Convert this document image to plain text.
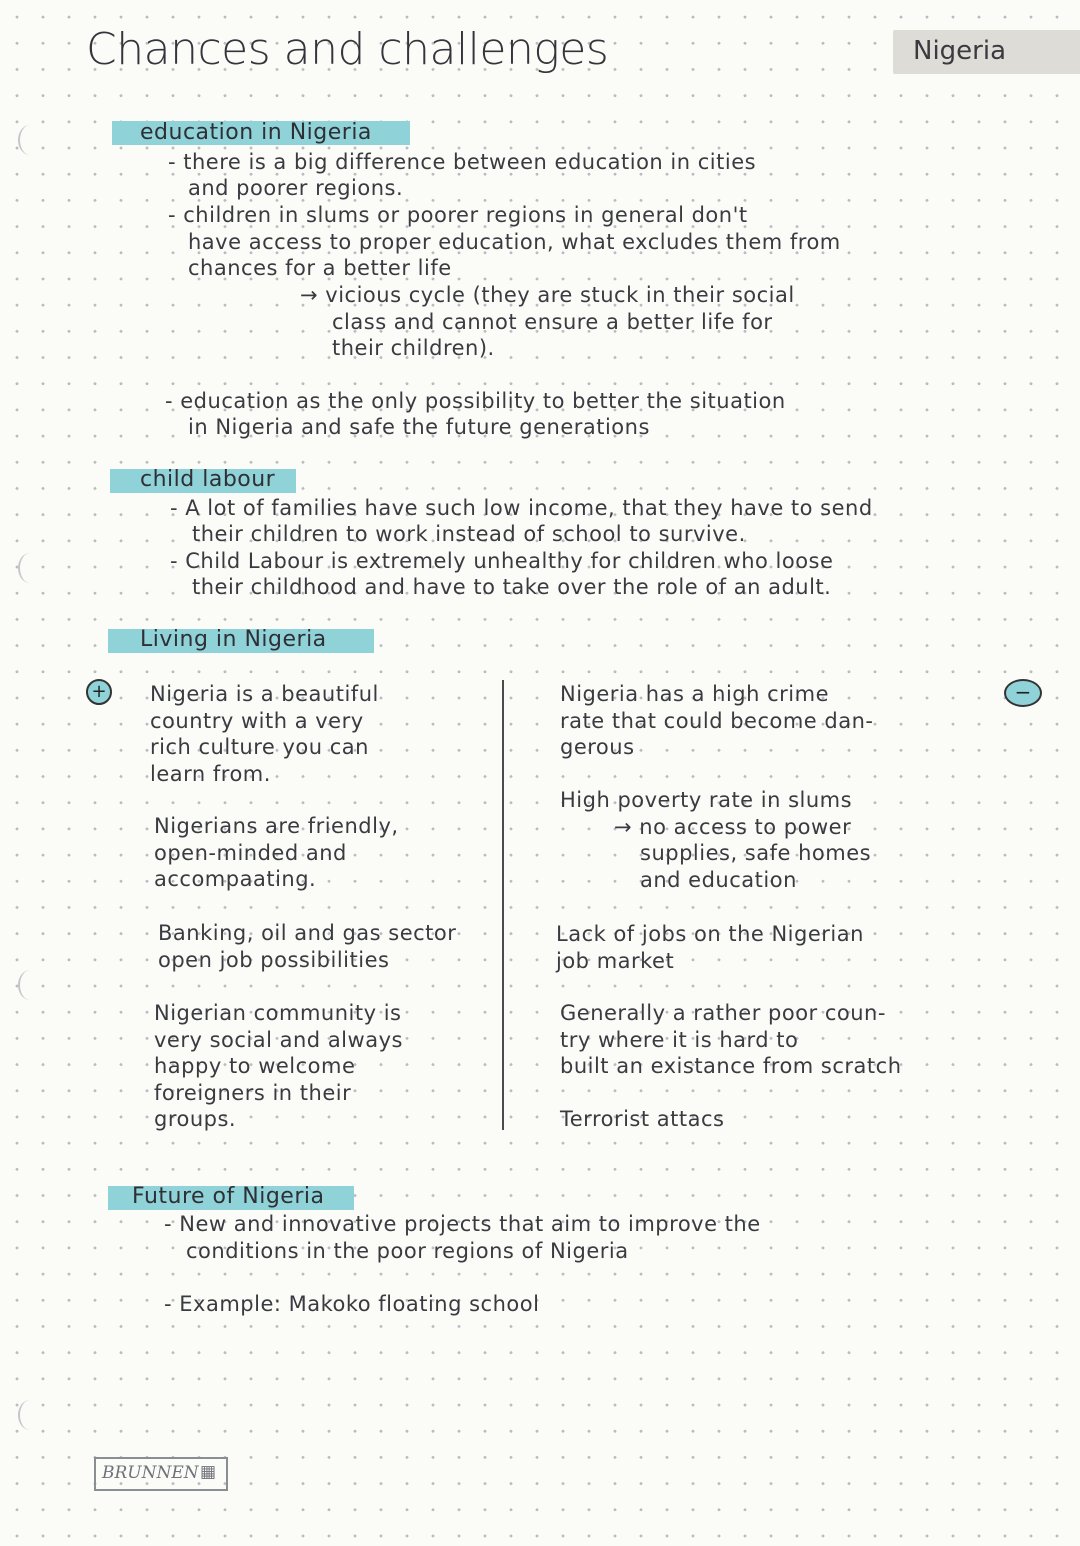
Chances and challenges	Nigeria
education in Nigeria
- there is a big difference between education in cities
and poorer regions.
- children in slums or poorer regions in general don't
have access to proper education, what excludes them from
chances for a better life
→ vicious cycle (they are stuck in their social
class and cannot ensure a better life for
their children).
- education as the only possibility to better the situation
in Nigeria and safe the future generations
child labour
- A lot of families have such low income, that they have to send
their children to work instead of school to survive.
- Child Labour is extremely unhealthy for children who loose
their childhood and have to take over the role of an adult.
Living in Nigeria
+	−
Nigeria is a beautiful
country with a very
rich culture you can
learn from.
Nigerians are friendly,
open-minded and
accompaating.
Banking, oil and gas sector
open job possibilities
Nigerian community is
very social and always
happy to welcome
foreigners in their
groups.
Nigeria has a high crime
rate that could become dan-
gerous
High poverty rate in slums
→ no access to power
supplies, safe homes
and education
Lack of jobs on the Nigerian
job market
Generally a rather poor coun-
try where it is hard to
built an existance from scratch
Terrorist attacs
Future of Nigeria
- New and innovative projects that aim to improve the
conditions in the poor regions of Nigeria
- Example: Makoko floating school
BRUNNEN ▦
